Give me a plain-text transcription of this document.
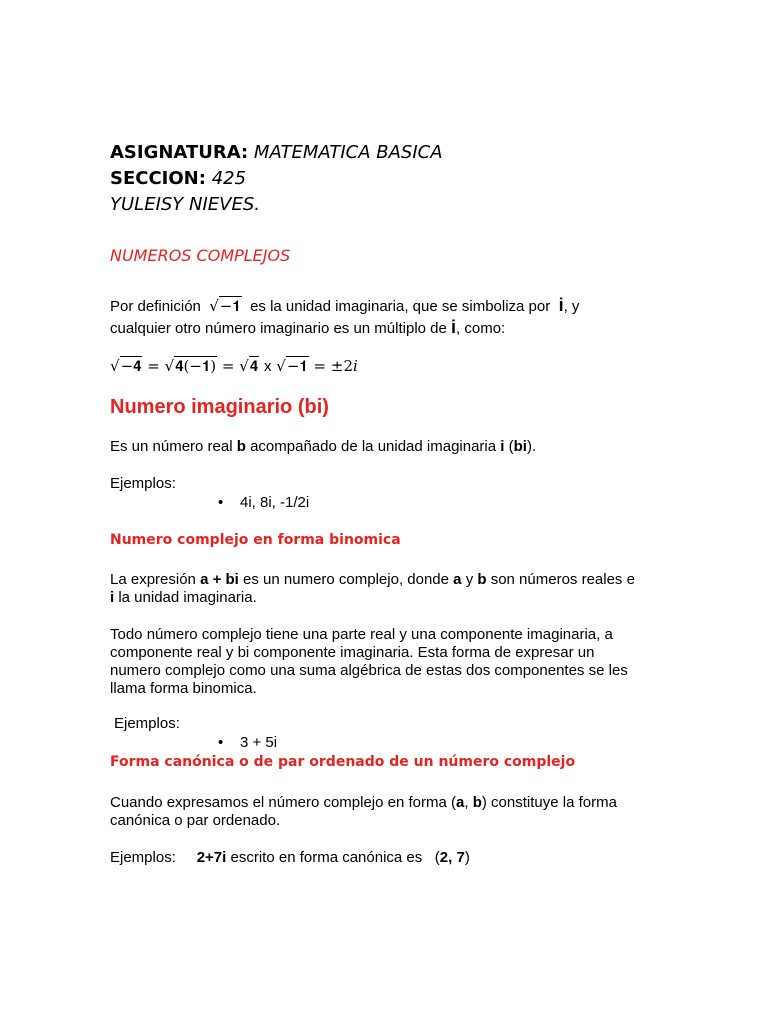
ASIGNATURA: MATEMATICA BASICA
SECCION: 425
YULEISY NIEVES.
NUMEROS COMPLEJOS
Por definición √−𝟏 es la unidad imaginaria, que se simboliza por i, y
cualquier otro número imaginario es un múltiplo de i, como:
√−𝟒 = √𝟒(−𝟏) = √𝟒 x √−𝟏 = ±2𝑖
Numero imaginario (bi)
Es un número real b acompañado de la unidad imaginaria i (bi).
Ejemplos:
• 4i, 8i, -1/2i
Numero complejo en forma binomica
La expresión a + bi es un numero complejo, donde a y b son números reales e
i la unidad imaginaria.
Todo número complejo tiene una parte real y una componente imaginaria, a
componente real y bi componente imaginaria. Esta forma de expresar un
numero complejo como una suma algébrica de estas dos componentes se les
llama forma binomica.
Ejemplos:
• 3 + 5i
Forma canónica o de par ordenado de un número complejo
Cuando expresamos el número complejo en forma (a, b) constituye la forma
canónica o par ordenado.
Ejemplos: 2+7i escrito en forma canónica es (2, 7)
